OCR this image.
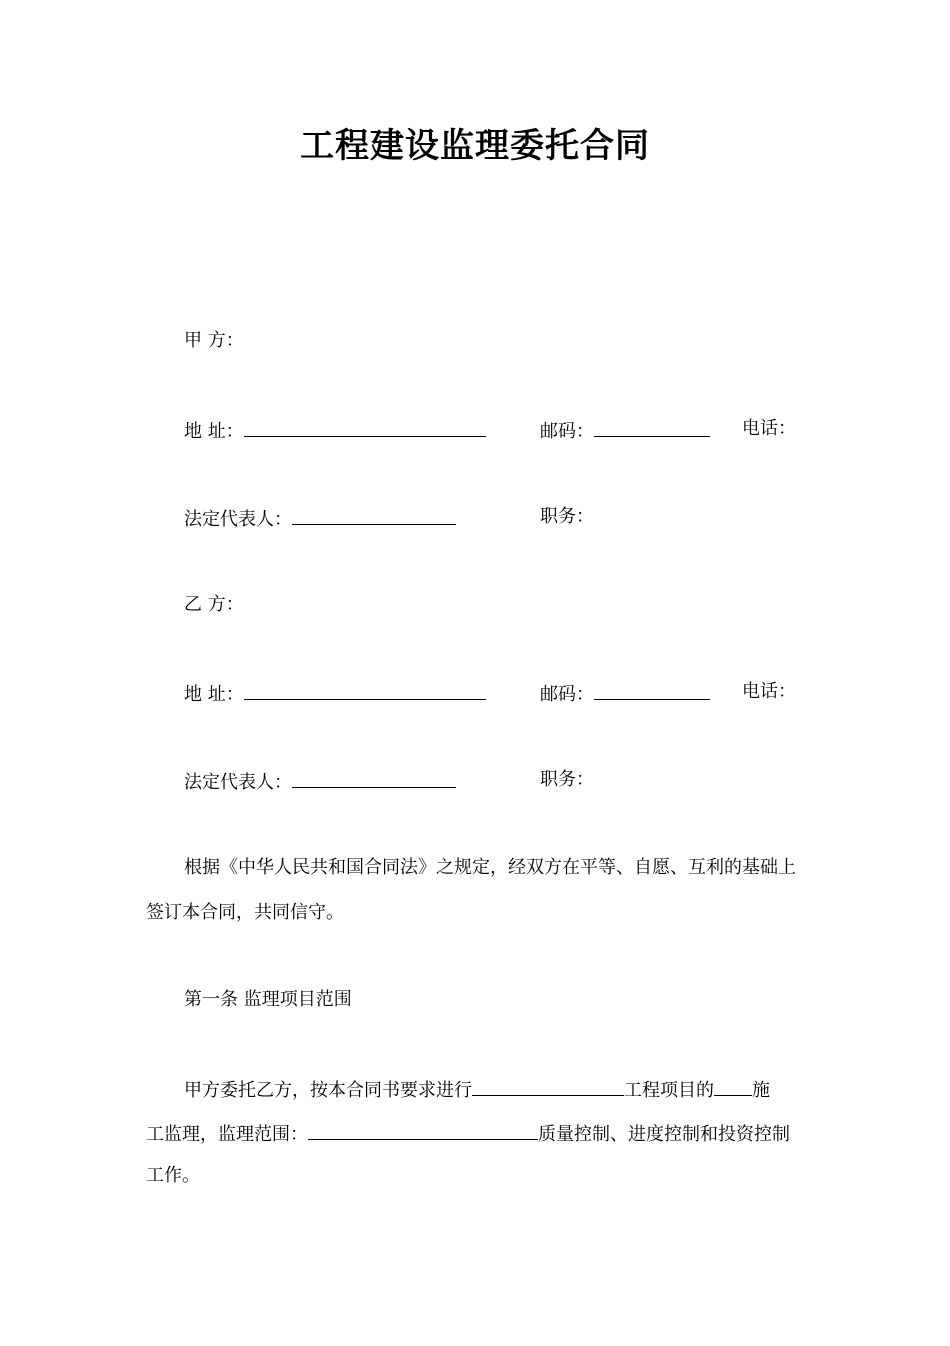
工程建设监理委托合同
甲 方：
地 址：	邮码：	电话：
法定代表人：	职务：
乙 方：
地 址：	邮码：	电话：
法定代表人：	职务：
根据《中华人民共和国合同法》之规定，经双方在平等、自愿、互利的基础上
签订本合同，共同信守。
第一条 监理项目范围
甲方委托乙方，按本合同书要求进行	工程项目的 施
工监理，监理范围：	质量控制、进度控制和投资控制
工作。
